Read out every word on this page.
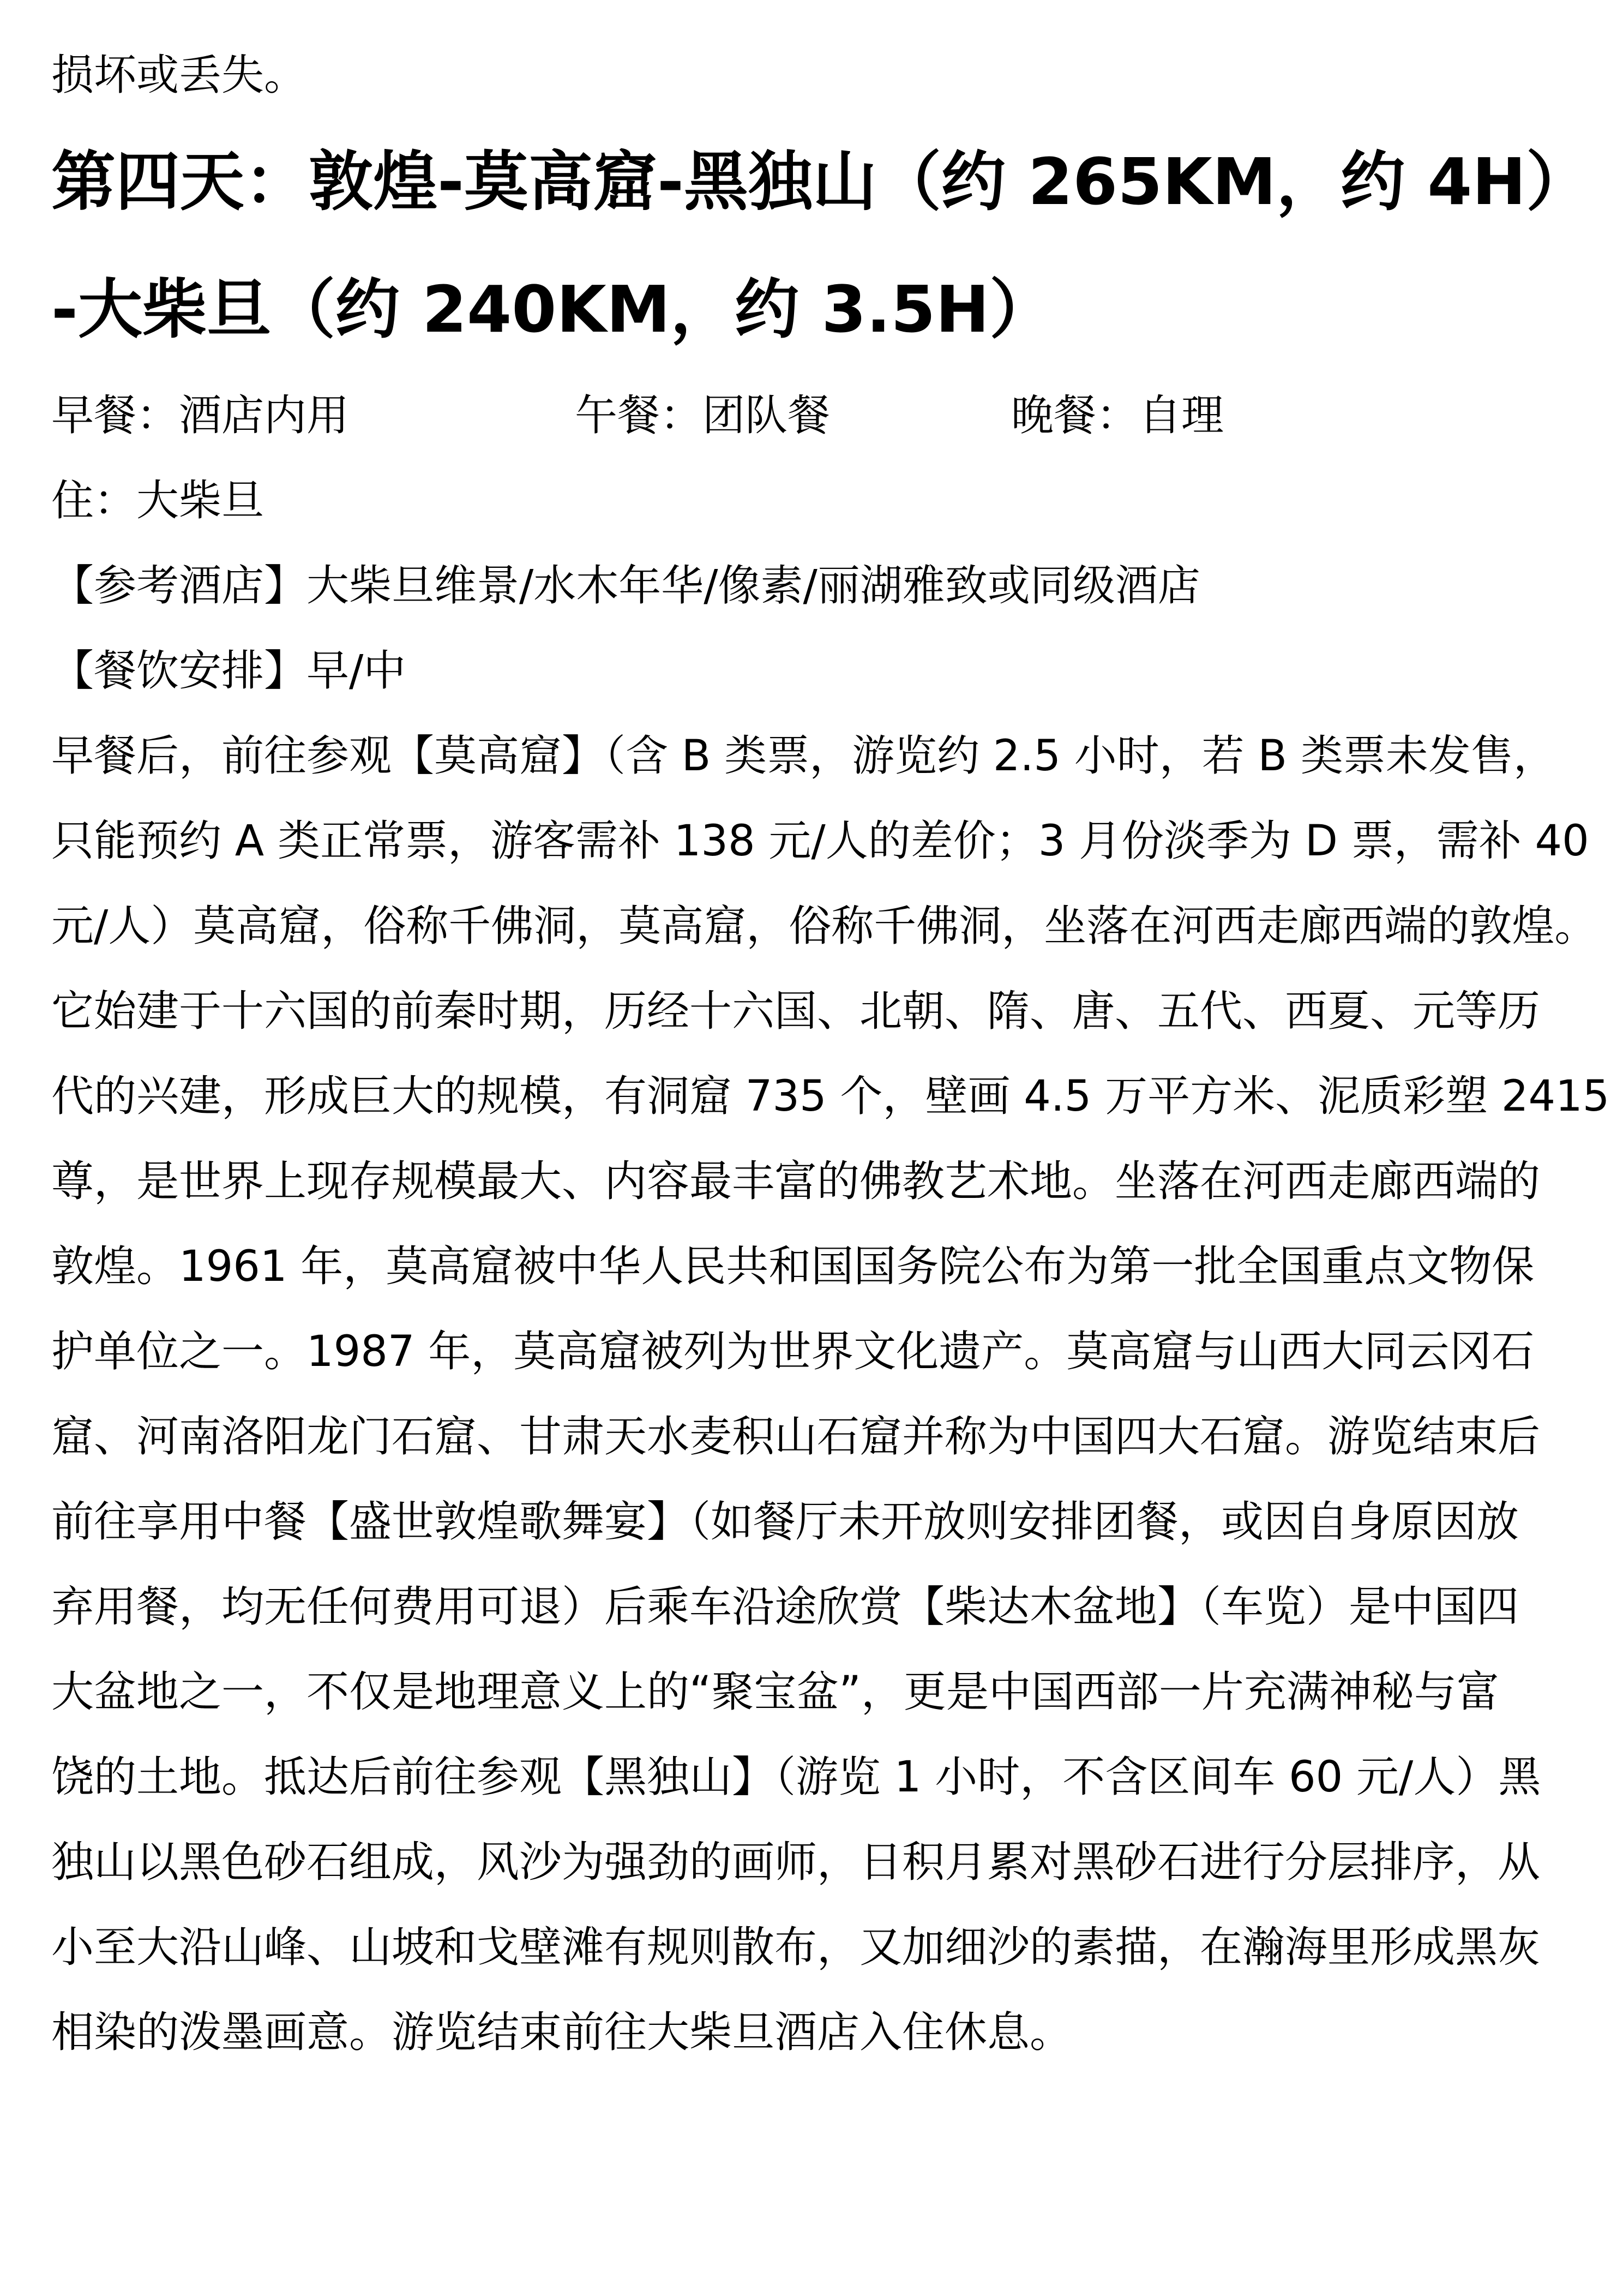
损坏或丢失。

第四天：敦煌-莫高窟-黑独山（约 265KM，约 4H）
-大柴旦（约 240KM，约 3.5H）
早餐：酒店内用	午餐：团队餐	晚餐：自理

住：大柴旦

【参考酒店】大柴旦维景/水木年华/像素/丽湖雅致或同级酒店

【餐饮安排】早/中

早餐后，前往参观【莫高窟】（含 B 类票，游览约 2.5 小时，若 B 类票未发售，

只能预约 A 类正常票，游客需补 138 元/人的差价；3 月份淡季为 D 票，需补 40

元/人）莫高窟，俗称千佛洞，莫高窟，俗称千佛洞，坐落在河西走廊西端的敦煌。

它始建于十六国的前秦时期，历经十六国、北朝、隋、唐、五代、西夏、元等历

代的兴建，形成巨大的规模，有洞窟 735 个，壁画 4.5 万平方米、泥质彩塑 2415

尊，是世界上现存规模最大、内容最丰富的佛教艺术地。坐落在河西走廊西端的

敦煌。1961 年，莫高窟被中华人民共和国国务院公布为第一批全国重点文物保

护单位之一。1987 年，莫高窟被列为世界文化遗产。莫高窟与山西大同云冈石

窟、河南洛阳龙门石窟、甘肃天水麦积山石窟并称为中国四大石窟。游览结束后

前往享用中餐【盛世敦煌歌舞宴】（如餐厅未开放则安排团餐，或因自身原因放

弃用餐，均无任何费用可退）后乘车沿途欣赏【柴达木盆地】（车览）是中国四

大盆地之一，不仅是地理意义上的“聚宝盆”，更是中国西部一片充满神秘与富

饶的土地。抵达后前往参观【黑独山】（游览 1 小时，不含区间车 60 元/人）黑

独山以黑色砂石组成，风沙为强劲的画师，日积月累对黑砂石进行分层排序，从

小至大沿山峰、山坡和戈壁滩有规则散布，又加细沙的素描，在瀚海里形成黑灰

相染的泼墨画意。游览结束前往大柴旦酒店入住休息。
